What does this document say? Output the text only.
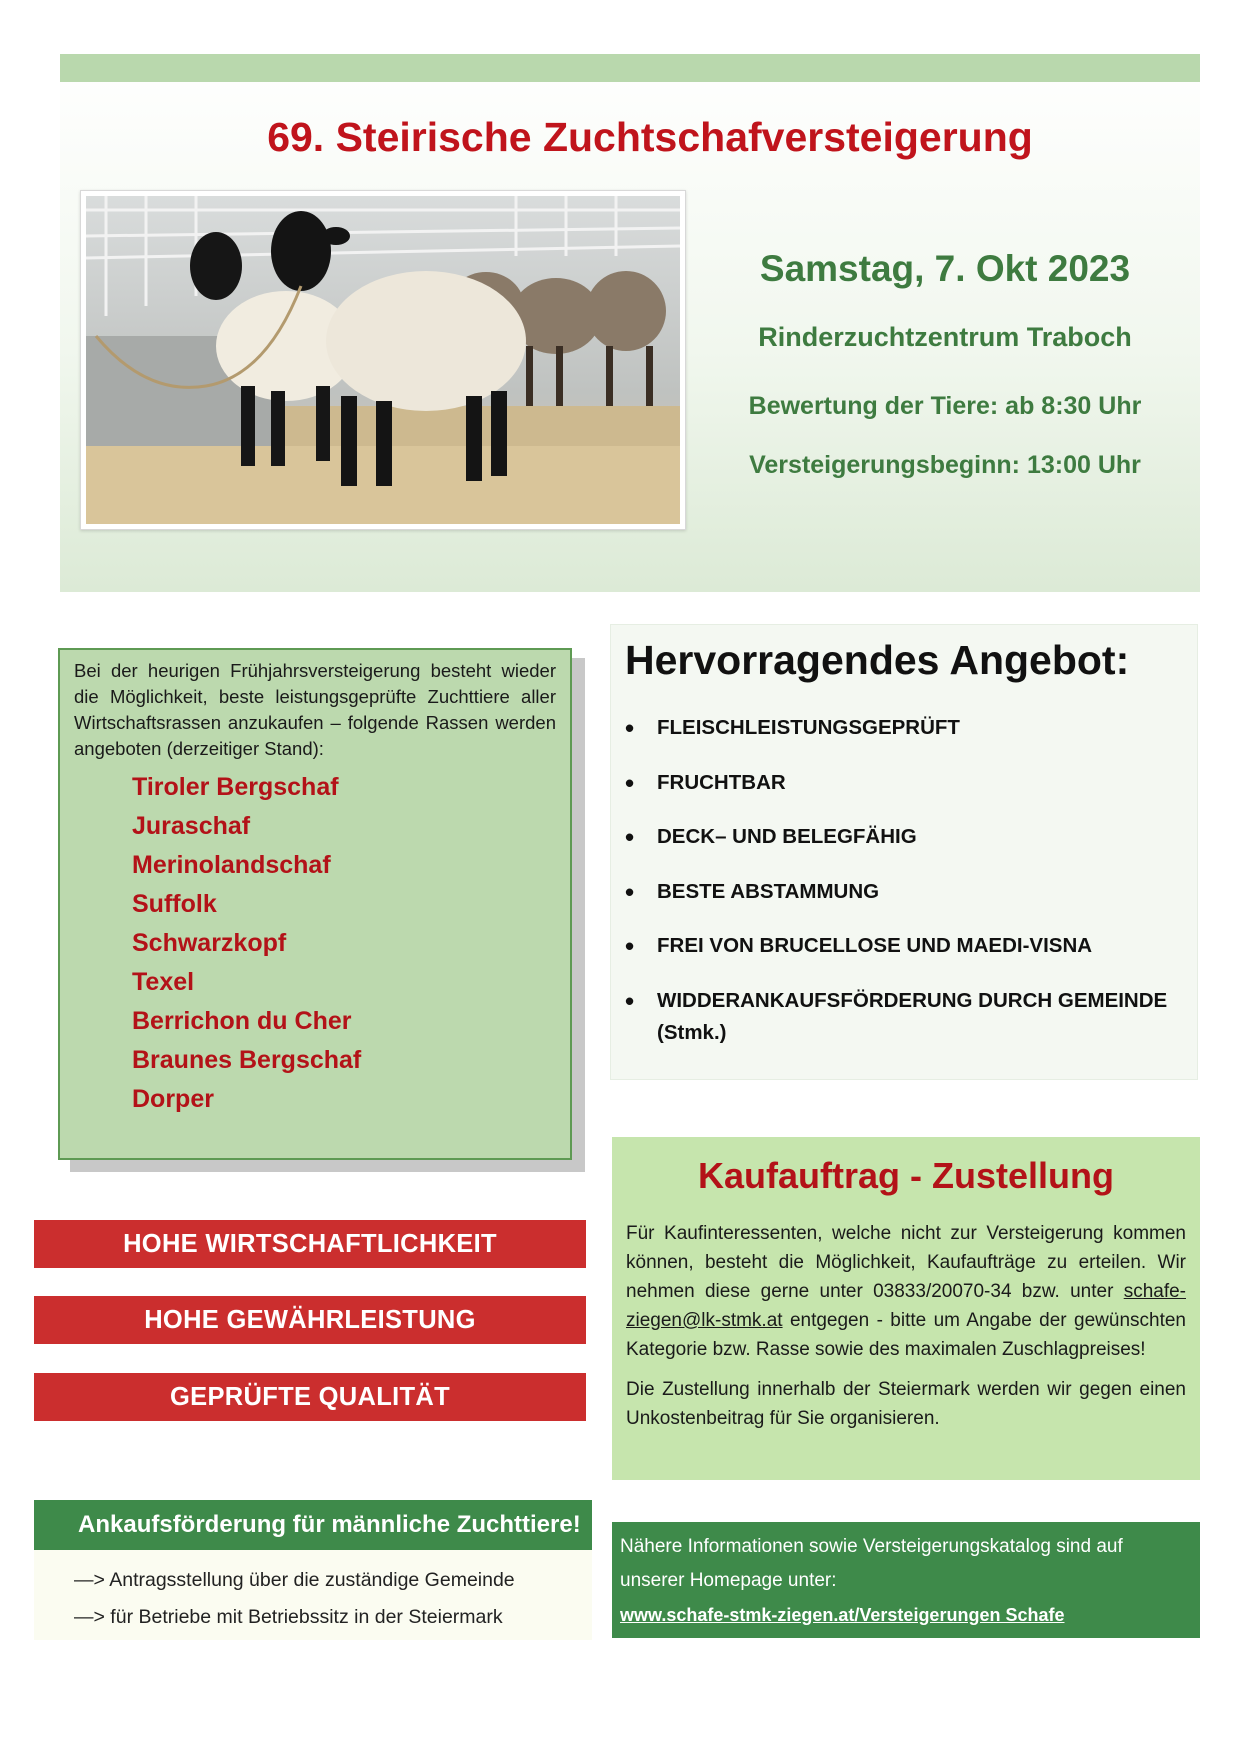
69. Steirische Zuchtschafversteigerung
Samstag, 7. Okt 2023
Rinderzuchtzentrum Traboch
Bewertung der Tiere: ab 8:30 Uhr
Versteigerungsbeginn: 13:00 Uhr
Bei der heurigen Frühjahrsversteigerung besteht wieder die Möglichkeit, beste leistungsgeprüfte Zuchttiere aller Wirtschaftsrassen anzukaufen – folgende Rassen werden angeboten (derzeitiger Stand):
Tiroler Bergschaf
Juraschaf
Merinolandschaf
Suffolk
Schwarzkopf
Texel
Berrichon du Cher
Braunes Bergschaf
Dorper
Hervorragendes Angebot:
• FLEISCHLEISTUNGSGEPRÜFT
• FRUCHTBAR
• DECK– UND BELEGFÄHIG
• BESTE ABSTAMMUNG
• FREI VON BRUCELLOSE UND MAEDI-VISNA
• WIDDERANKAUFSFÖRDERUNG DURCH GEMEINDE
(Stmk.)
HOHE WIRTSCHAFTLICHKEIT
HOHE GEWÄHRLEISTUNG
GEPRÜFTE QUALITÄT
Kaufauftrag - Zustellung

Für Kaufinteressenten, welche nicht zur Versteigerung kommen können, besteht die Möglichkeit, Kaufaufträge zu erteilen. Wir nehmen diese gerne unter 03833/20070-34 bzw. unter schafe-ziegen@lk-stmk.at entgegen - bitte um Angabe der gewünschten Kategorie bzw. Rasse sowie des maximalen Zuschlagpreises!

Die Zustellung innerhalb der Steiermark werden wir gegen einen Unkostenbeitrag für Sie organisieren.

Ankaufsförderung für männliche Zuchttiere!
—> Antragsstellung über die zuständige Gemeinde
—> für Betriebe mit Betriebssitz in der Steiermark
Nähere Informationen sowie Versteigerungskatalog sind auf unserer Homepage unter:
www.schafe-stmk-ziegen.at/Versteigerungen Schafe
